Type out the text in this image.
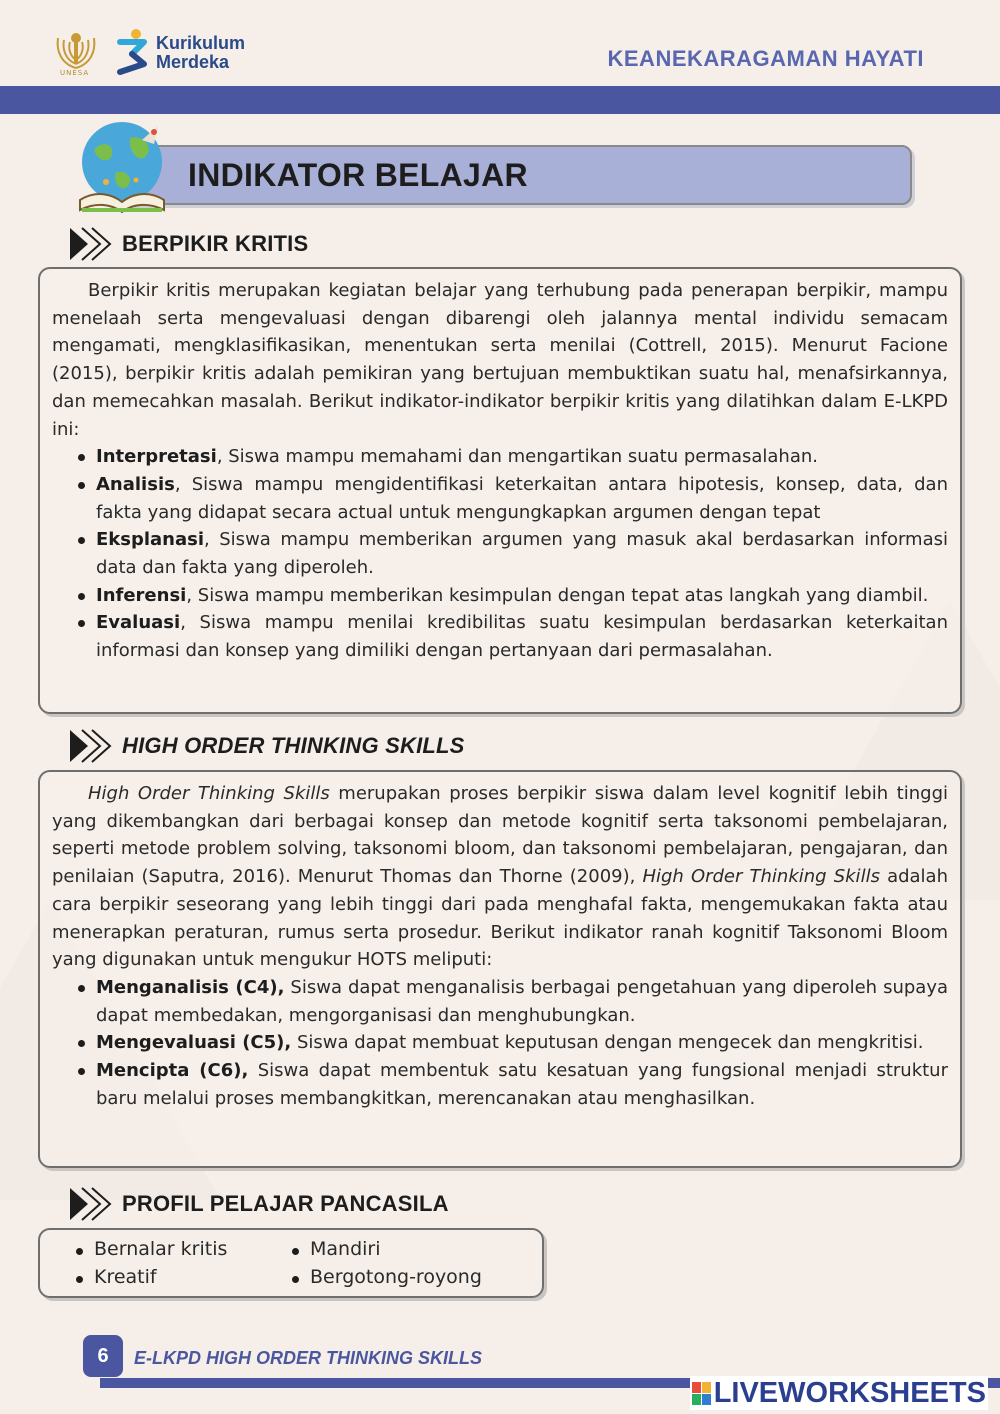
UNESA
Kurikulum
Merdeka	KEANEKARAGAMAN HAYATI
INDIKATOR BELAJAR
BERPIKIR KRITIS

Berpikir kritis merupakan kegiatan belajar yang terhubung pada penerapan berpikir, mampu menelaah serta mengevaluasi dengan dibarengi oleh jalannya mental individu semacam mengamati, mengklasifikasikan, menentukan serta menilai (Cottrell, 2015). Menurut Facione (2015), berpikir kritis adalah pemikiran yang bertujuan membuktikan suatu hal, menafsirkannya, dan memecahkan masalah. Berikut indikator-indikator berpikir kritis yang dilatihkan dalam E-LKPD ini:

Interpretasi, Siswa mampu memahami dan mengartikan suatu permasalahan.
Analisis, Siswa mampu mengidentifikasi keterkaitan antara hipotesis, konsep, data, dan fakta yang didapat secara actual untuk mengungkapkan argumen dengan tepat
Eksplanasi, Siswa mampu memberikan argumen yang masuk akal berdasarkan informasi data dan fakta yang diperoleh.
Inferensi, Siswa mampu memberikan kesimpulan dengan tepat atas langkah yang diambil.
Evaluasi, Siswa mampu menilai kredibilitas suatu kesimpulan berdasarkan keterkaitan informasi dan konsep yang dimiliki dengan pertanyaan dari permasalahan.
HIGH ORDER THINKING SKILLS

High Order Thinking Skills merupakan proses berpikir siswa dalam level kognitif lebih tinggi yang dikembangkan dari berbagai konsep dan metode kognitif serta taksonomi pembelajaran, seperti metode problem solving, taksonomi bloom, dan taksonomi pembelajaran, pengajaran, dan penilaian (Saputra, 2016). Menurut Thomas dan Thorne (2009), High Order Thinking Skills adalah cara berpikir seseorang yang lebih tinggi dari pada menghafal fakta, mengemukakan fakta atau menerapkan peraturan, rumus serta prosedur. Berikut indikator ranah kognitif Taksonomi Bloom yang digunakan untuk mengukur HOTS meliputi:

Menganalisis (C4), Siswa dapat menganalisis berbagai pengetahuan yang diperoleh supaya dapat membedakan, mengorganisasi dan menghubungkan.
Mengevaluasi (C5), Siswa dapat membuat keputusan dengan mengecek dan mengkritisi.
Mencipta (C6), Siswa dapat membentuk satu kesatuan yang fungsional menjadi struktur baru melalui proses membangkitkan, merencanakan atau menghasilkan.
PROFIL PELAJAR PANCASILA
Bernalar kritis
Kreatif
Mandiri
Bergotong-royong
6	E-LKPD HIGH ORDER THINKING SKILLS
LIVEWORKSHEETS
